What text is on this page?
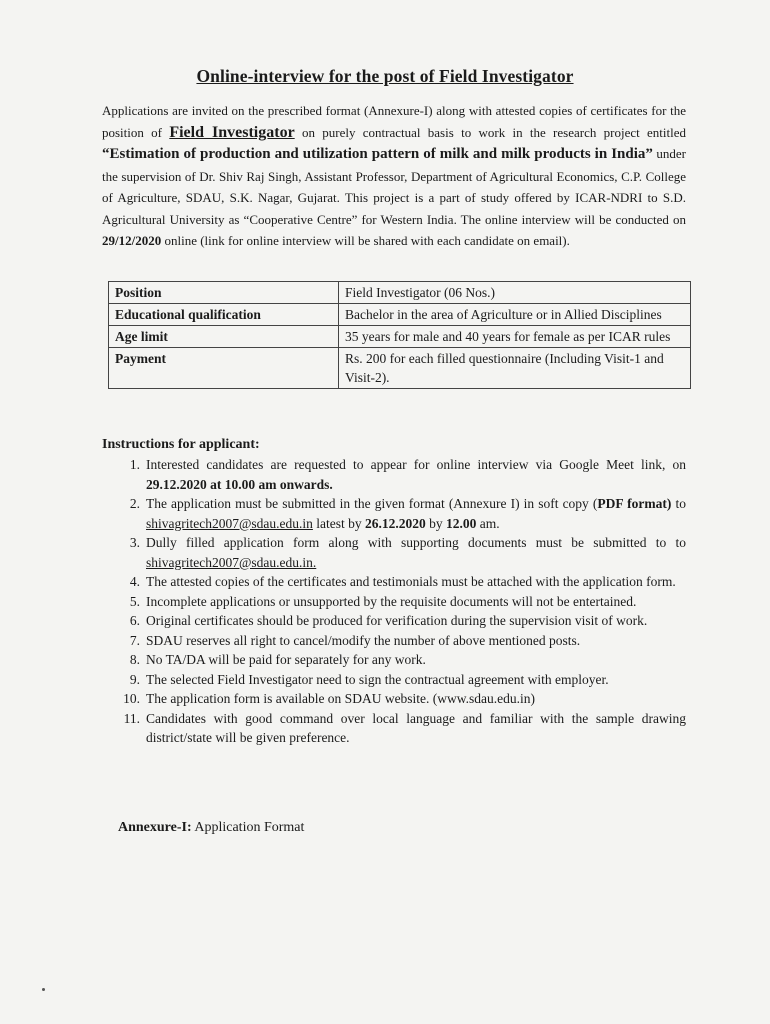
Online-interview for the post of Field Investigator
Applications are invited on the prescribed format (Annexure-I) along with attested copies of certificates for the position of Field Investigator on purely contractual basis to work in the research project entitled “Estimation of production and utilization pattern of milk and milk products in India” under the supervision of Dr. Shiv Raj Singh, Assistant Professor, Department of Agricultural Economics, C.P. College of Agriculture, SDAU, S.K. Nagar, Gujarat. This project is a part of study offered by ICAR-NDRI to S.D. Agricultural University as “Cooperative Centre” for Western India. The online interview will be conducted on 29/12/2020 online (link for online interview will be shared with each candidate on email).
Position	Field Investigator (06 Nos.)
Educational qualification	Bachelor in the area of Agriculture or in Allied Disciplines
Age limit	35 years for male and 40 years for female as per ICAR rules
Payment	Rs. 200 for each filled questionnaire (Including Visit-1 and Visit-2).
Instructions for applicant:
1. Interested candidates are requested to appear for online interview via Google Meet link, on 29.12.2020 at 10.00 am onwards.
2. The application must be submitted in the given format (Annexure I) in soft copy (PDF format) to shivagritech2007@sdau.edu.in latest by 26.12.2020 by 12.00 am.
3. Dully filled application form along with supporting documents must be submitted to to shivagritech2007@sdau.edu.in.
4. The attested copies of the certificates and testimonials must be attached with the application form.
5. Incomplete applications or unsupported by the requisite documents will not be entertained.
6. Original certificates should be produced for verification during the supervision visit of work.
7. SDAU reserves all right to cancel/modify the number of above mentioned posts.
8. No TA/DA will be paid for separately for any work.
9. The selected Field Investigator need to sign the contractual agreement with employer.
10. The application form is available on SDAU website. (www.sdau.edu.in)
11. Candidates with good command over local language and familiar with the sample drawing district/state will be given preference.
Annexure-I: Application Format
